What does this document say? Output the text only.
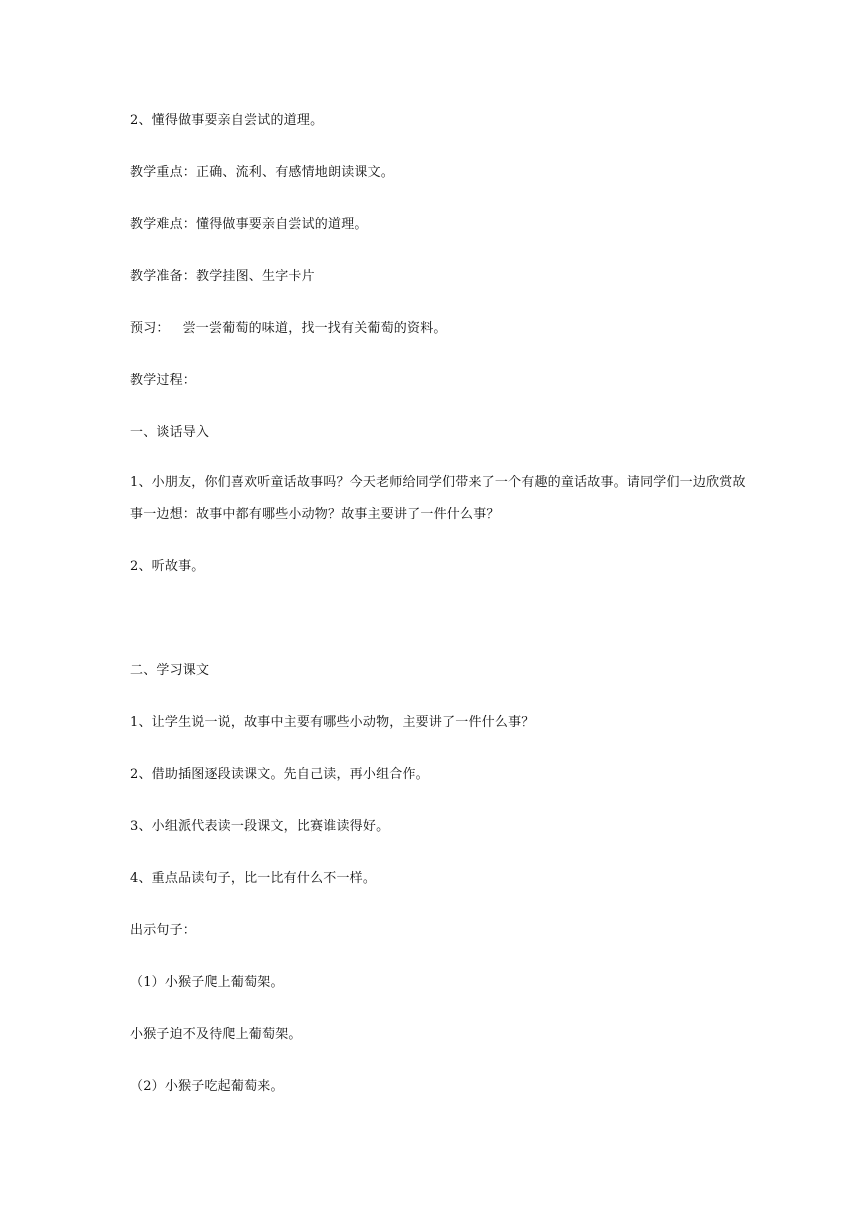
2、懂得做事要亲自尝试的道理。
教学重点：正确、流利、有感情地朗读课文。
教学难点：懂得做事要亲自尝试的道理。
教学准备：教学挂图、生字卡片
预习：   尝一尝葡萄的味道，找一找有关葡萄的资料。
教学过程：
一、谈话导入
1、小朋友，你们喜欢听童话故事吗？今天老师给同学们带来了一个有趣的童话故事。请同学们一边欣赏故事一边想：故事中都有哪些小动物？故事主要讲了一件什么事？
2、听故事。
二、学习课文
1、让学生说一说，故事中主要有哪些小动物，主要讲了一件什么事？
2、借助插图逐段读课文。先自己读，再小组合作。
3、小组派代表读一段课文，比赛谁读得好。
4、重点品读句子，比一比有什么不一样。
出示句子：
（1）小猴子爬上葡萄架。
小猴子迫不及待爬上葡萄架。
（2）小猴子吃起葡萄来。
